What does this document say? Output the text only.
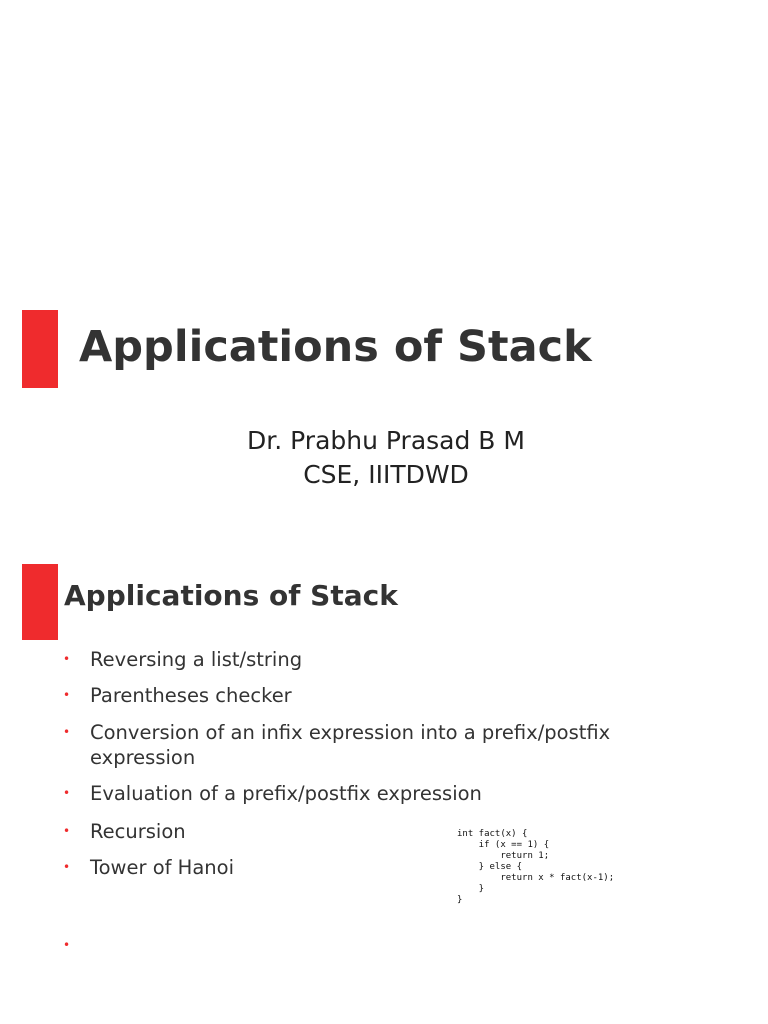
Applications of Stack
Dr. Prabhu Prasad B M
CSE, IIITDWD
Applications of Stack
• Reversing a list/string
• Parentheses checker
• Conversion of an infix expression into a prefix/postfix expression
• Evaluation of a prefix/postfix expression
• Recursion
• Tower of Hanoi
•
int fact(x) {
if (x == 1) {
return 1;
} else {
return x * fact(x-1);
}
}
